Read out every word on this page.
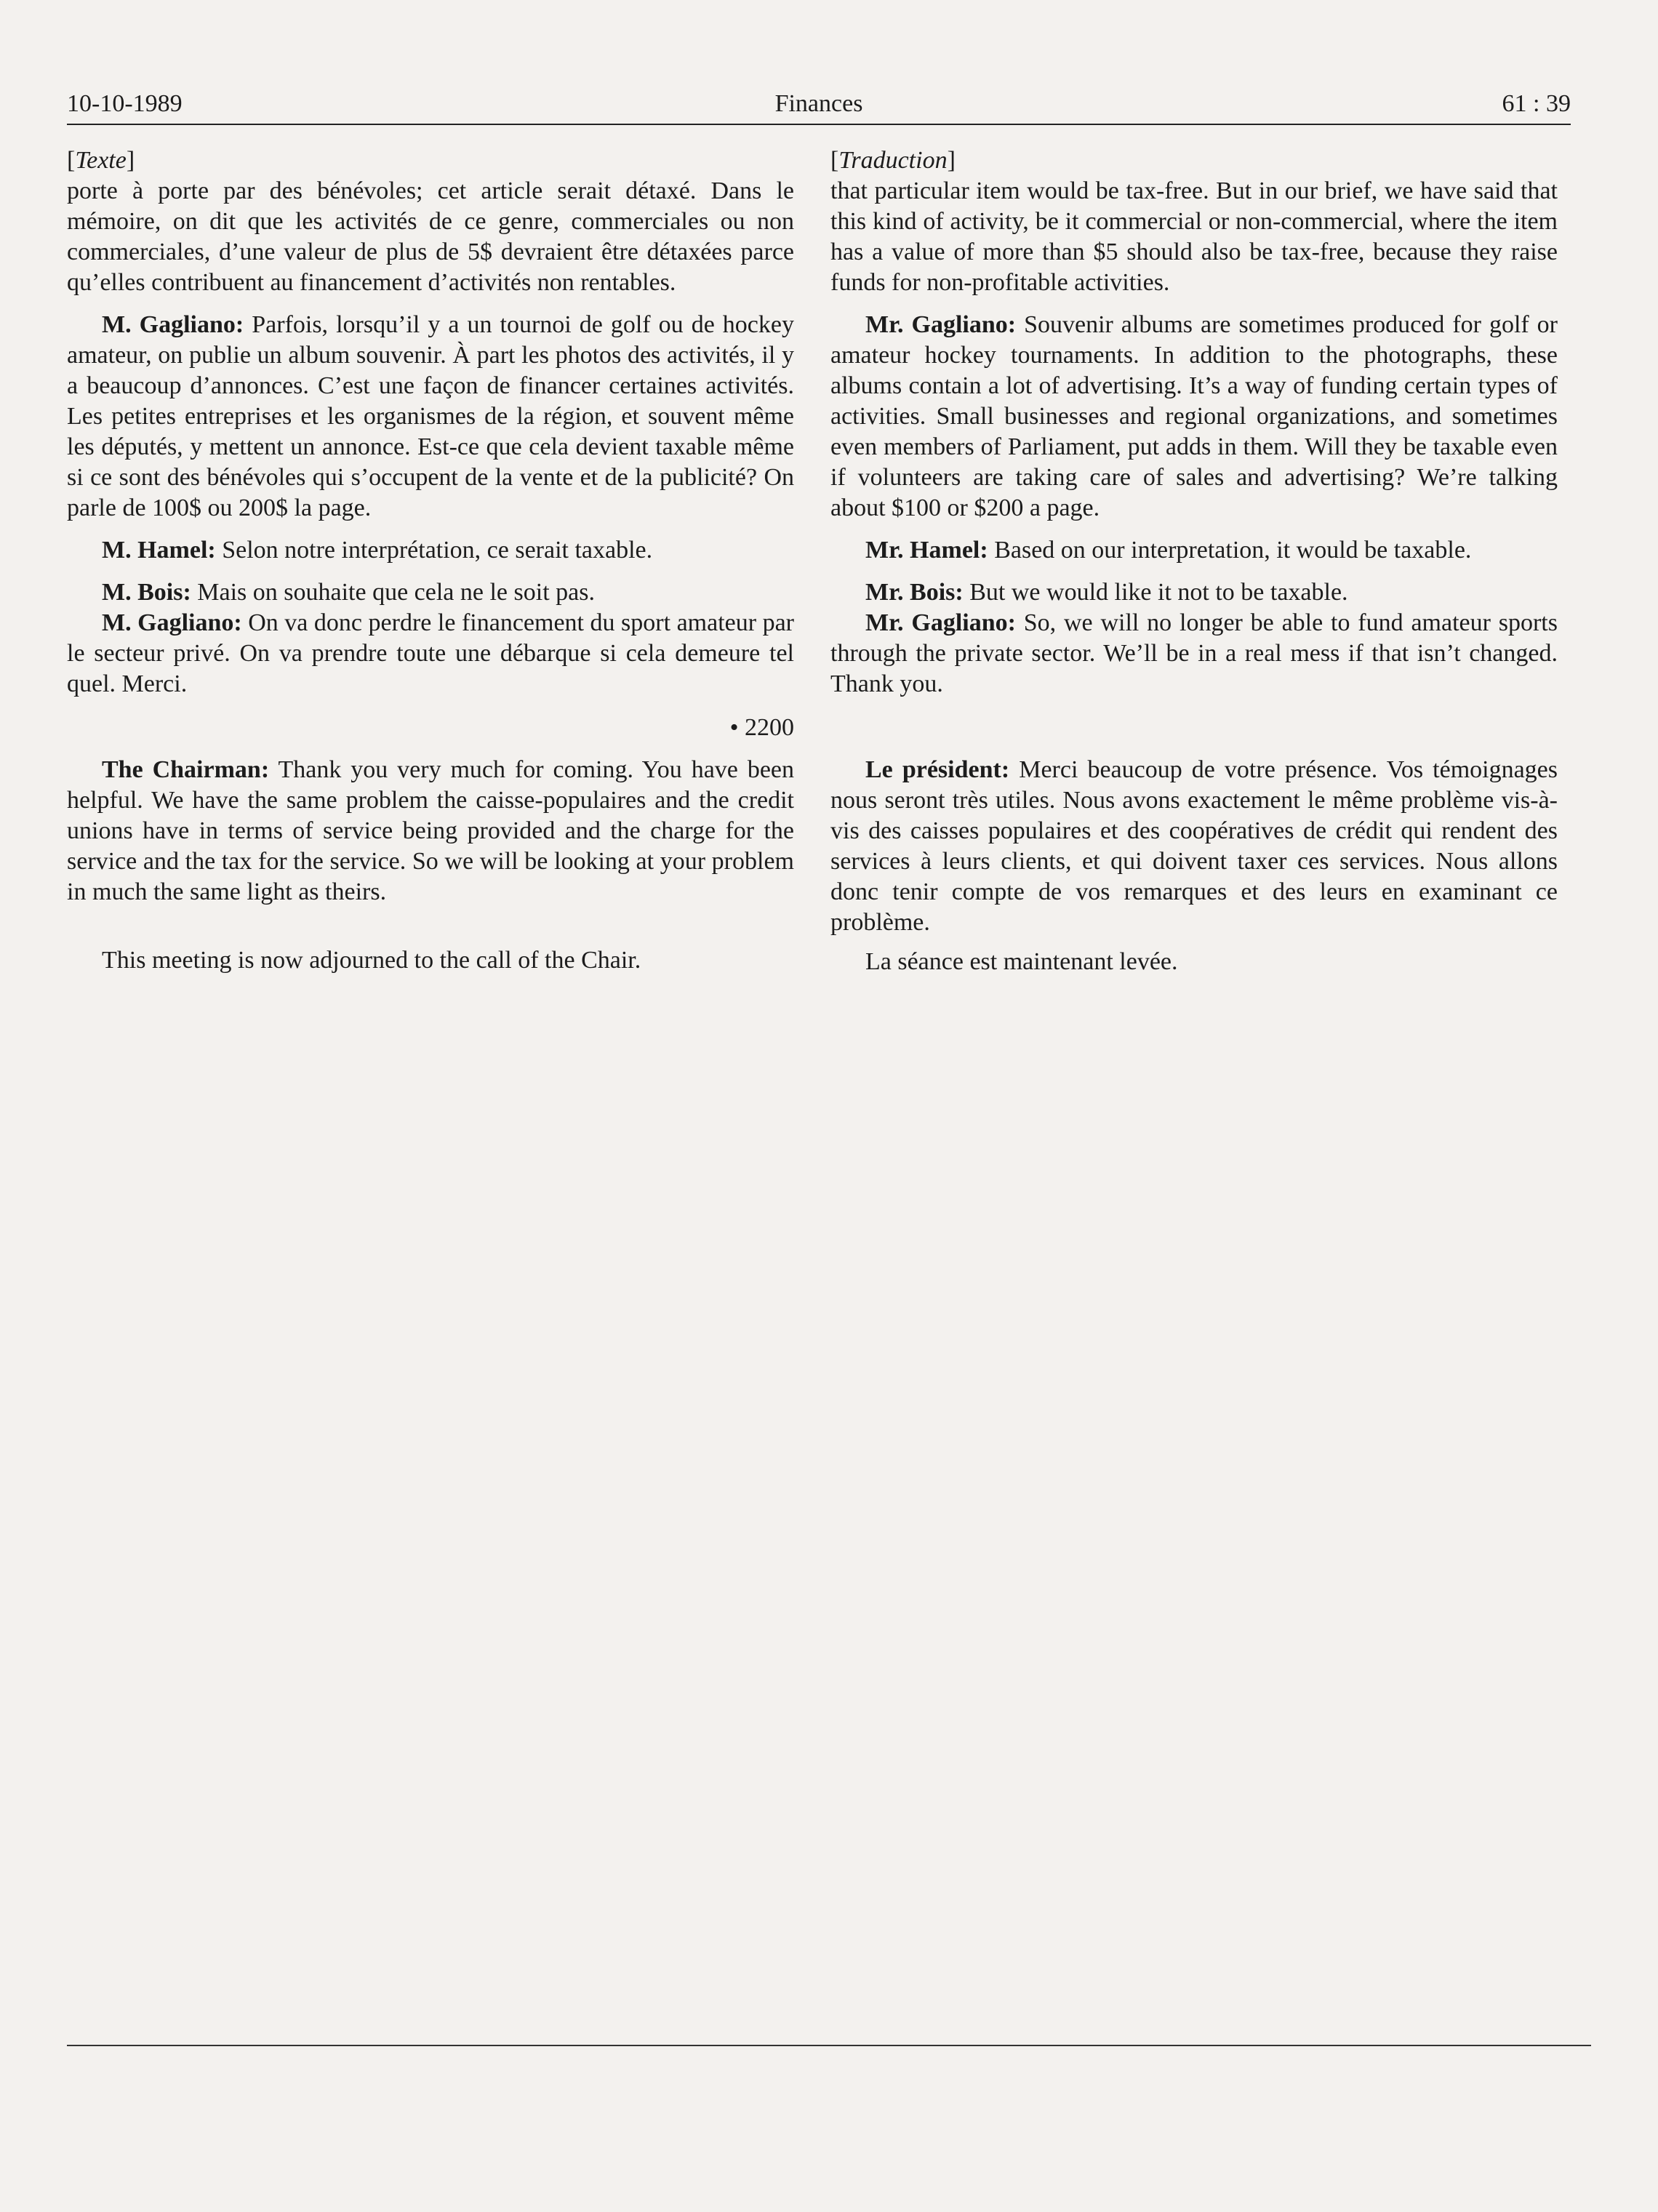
10-10-1989	Finances	61 : 39

[Texte]

porte à porte par des bénévoles; cet article serait détaxé. Dans le mémoire, on dit que les activités de ce genre, commerciales ou non commerciales, d’une valeur de plus de 5$ devraient être détaxées parce qu’elles contribuent au financement d’activités non rentables.

M. Gagliano: Parfois, lorsqu’il y a un tournoi de golf ou de hockey amateur, on publie un album souvenir. À part les photos des activités, il y a beaucoup d’annonces. C’est une façon de financer certaines activités. Les petites entreprises et les organismes de la région, et souvent même les députés, y mettent un annonce. Est-ce que cela devient taxable même si ce sont des bénévoles qui s’occupent de la vente et de la publicité? On parle de 100$ ou 200$ la page.

M. Hamel: Selon notre interprétation, ce serait taxable.

M. Bois: Mais on souhaite que cela ne le soit pas.

M. Gagliano: On va donc perdre le financement du sport amateur par le secteur privé. On va prendre toute une débarque si cela demeure tel quel. Merci.

• 2200

The Chairman: Thank you very much for coming. You have been helpful. We have the same problem the caisse-populaires and the credit unions have in terms of service being provided and the charge for the service and the tax for the service. So we will be looking at your problem in much the same light as theirs.

This meeting is now adjourned to the call of the Chair.

[Traduction]

that particular item would be tax-free. But in our brief, we have said that this kind of activity, be it commercial or non-commercial, where the item has a value of more than $5 should also be tax-free, because they raise funds for non-profitable activities.

Mr. Gagliano: Souvenir albums are sometimes produced for golf or amateur hockey tournaments. In addition to the photographs, these albums contain a lot of advertising. It’s a way of funding certain types of activities. Small businesses and regional organizations, and sometimes even members of Parliament, put adds in them. Will they be taxable even if volunteers are taking care of sales and advertising? We’re talking about $100 or $200 a page.

Mr. Hamel: Based on our interpretation, it would be taxable.

Mr. Bois: But we would like it not to be taxable.

Mr. Gagliano: So, we will no longer be able to fund amateur sports through the private sector. We’ll be in a real mess if that isn’t changed. Thank you.

Le président: Merci beaucoup de votre présence. Vos témoignages nous seront très utiles. Nous avons exactement le même problème vis-à-vis des caisses populaires et des coopératives de crédit qui rendent des services à leurs clients, et qui doivent taxer ces services. Nous allons donc tenir compte de vos remarques et des leurs en examinant ce problème.

La séance est maintenant levée.
